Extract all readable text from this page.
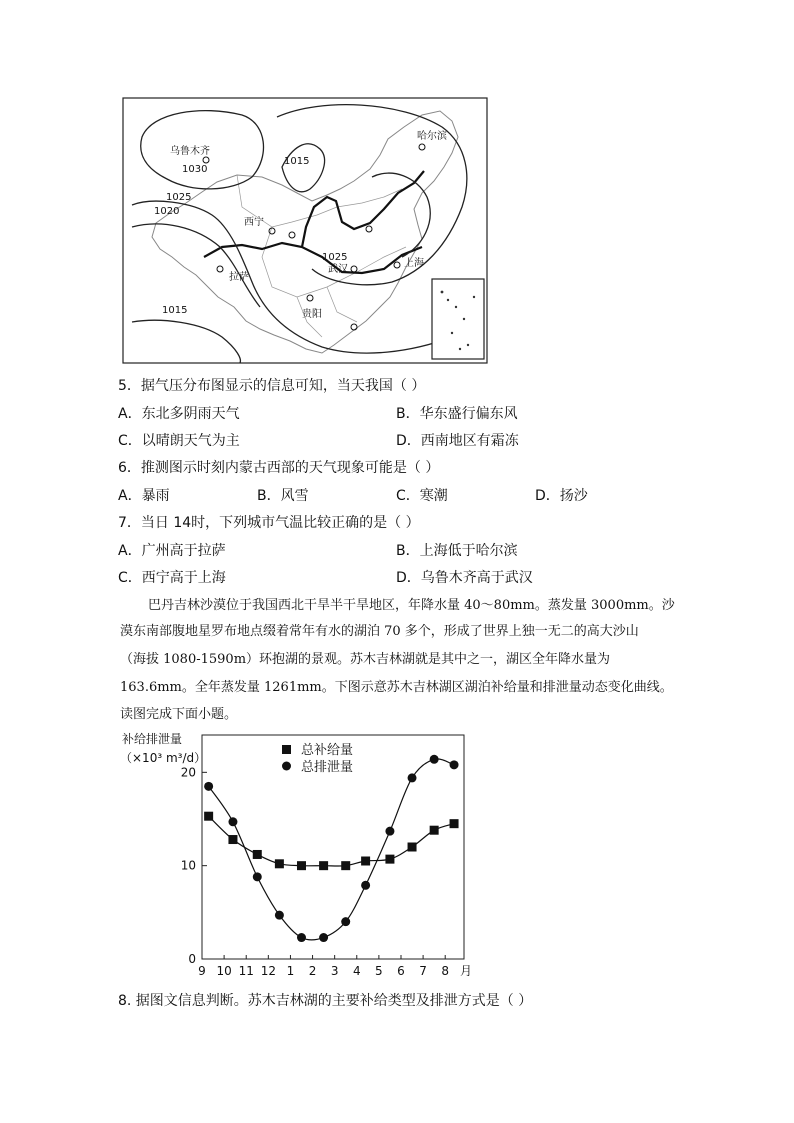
乌鲁木齐
哈尔滨
西宁
拉萨
武汉
上海
贵阳
1030
1025
1020
1015
1025
1015
5．据气压分布图显示的信息可知，当天我国（ ）
A．东北多阴雨天气	B．华东盛行偏东风
C．以晴朗天气为主	D．西南地区有霜冻
6．推测图示时刻内蒙古西部的天气现象可能是（ ）
A．暴雨	B．风雪	C．寒潮	D．扬沙
7．当日 14时，下列城市气温比较正确的是（ ）
A．广州高于拉萨	B．上海低于哈尔滨
C．西宁高于上海	D．乌鲁木齐高于武汉
巴丹吉林沙漠位于我国西北干旱半干旱地区，年降水量 40～80mm。蒸发量 3000mm。沙
漠东南部腹地星罗布地点缀着常年有水的湖泊 70 多个，形成了世界上独一无二的高大沙山
（海拔 1080-1590m）环抱湖的景观。苏木吉林湖就是其中之一，湖区全年降水量为
163.6mm。全年蒸发量 1261mm。下图示意苏木吉林湖区湖泊补给量和排泄量动态变化曲线。
读图完成下面小题。
补给排泄量
（×10³ m³/d）	总补给量
总排泄量
0
10
20
9 10 11 12 1 2 3 4 5 6 7 8 月
8. 据图文信息判断。苏木吉林湖的主要补给类型及排泄方式是（ ）
